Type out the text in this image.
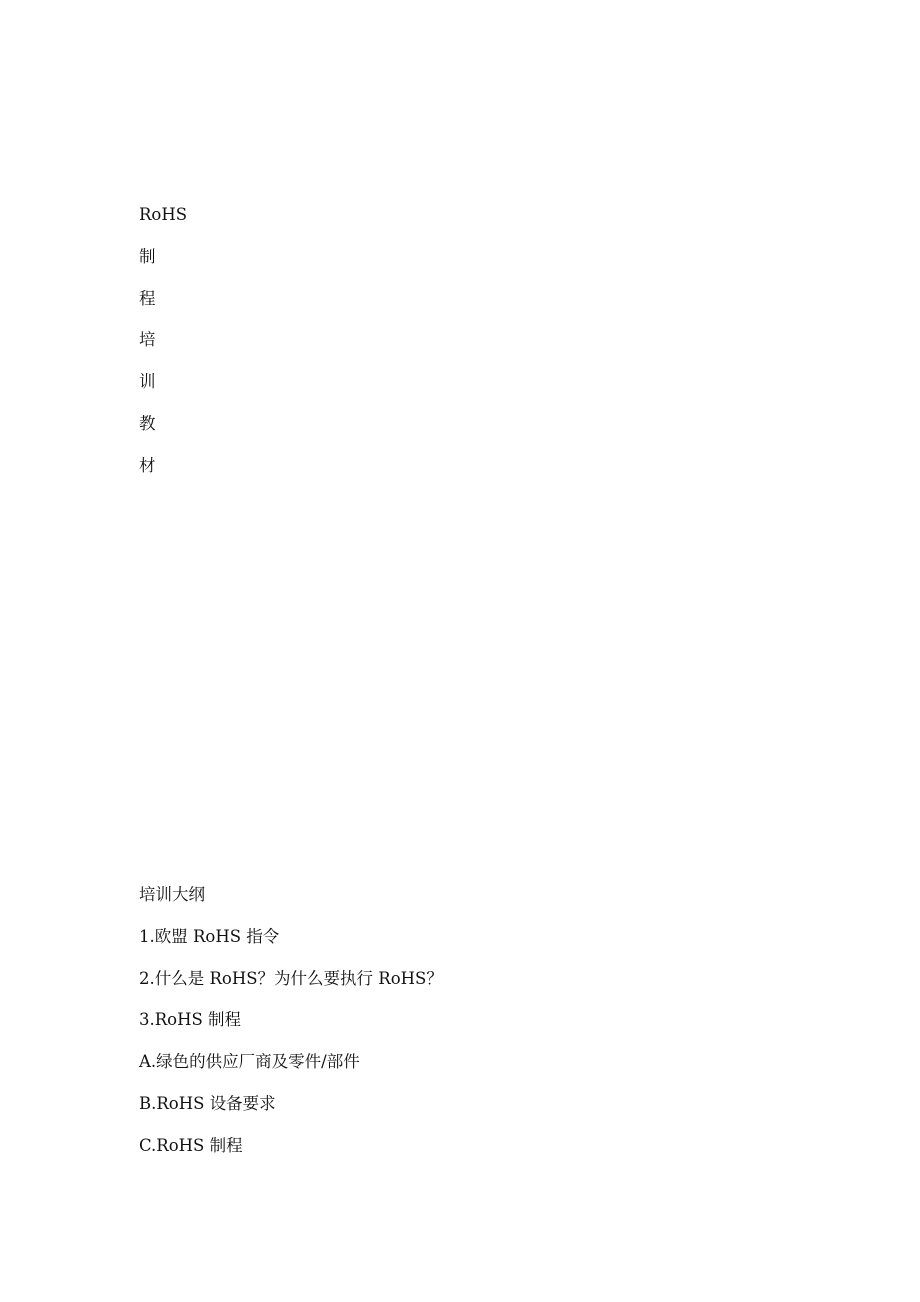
RoHS
制
程
培
训
教
材
培训大纲
1.欧盟 RoHS 指令
2.什么是 RoHS？为什么要执行 RoHS？
3.RoHS 制程
A.绿色的供应厂商及零件/部件
B.RoHS 设备要求
C.RoHS 制程
